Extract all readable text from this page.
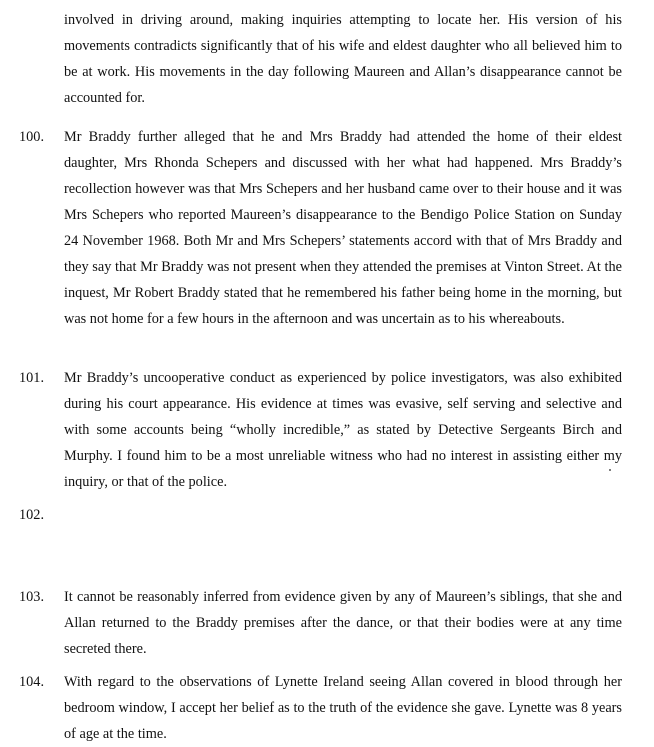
involved in driving around, making inquiries attempting to locate her. His version of his movements contradicts significantly that of his wife and eldest daughter who all believed him to be at work. His movements in the day following Maureen and Allan’s disappearance cannot be accounted for.

100.	Mr Braddy further alleged that he and Mrs Braddy had attended the home of their eldest daughter, Mrs Rhonda Schepers and discussed with her what had happened. Mrs Braddy’s recollection however was that Mrs Schepers and her husband came over to their house and it was Mrs Schepers who reported Maureen’s disappearance to the Bendigo Police Station on Sunday 24 November 1968. Both Mr and Mrs Schepers’ statements accord with that of Mrs Braddy and they say that Mr Braddy was not present when they attended the premises at Vinton Street. At the inquest, Mr Robert Braddy stated that he remembered his father being home in the morning, but was not home for a few hours in the afternoon and was uncertain as to his whereabouts.

101.	Mr Braddy’s uncooperative conduct as experienced by police investigators, was also exhibited during his court appearance. His evidence at times was evasive, self serving and selective and with some accounts being “wholly incredible,” as stated by Detective Sergeants Birch and Murphy. I found him to be a most unreliable witness who had no interest in assisting either my inquiry, or that of the police.

102.

103.	It cannot be reasonably inferred from evidence given by any of Maureen’s siblings, that she and Allan returned to the Braddy premises after the dance, or that their bodies were at any time secreted there.

104.	With regard to the observations of Lynette Ireland seeing Allan covered in blood through her bedroom window, I accept her belief as to the truth of the evidence she gave. Lynette was 8 years of age at the time.
